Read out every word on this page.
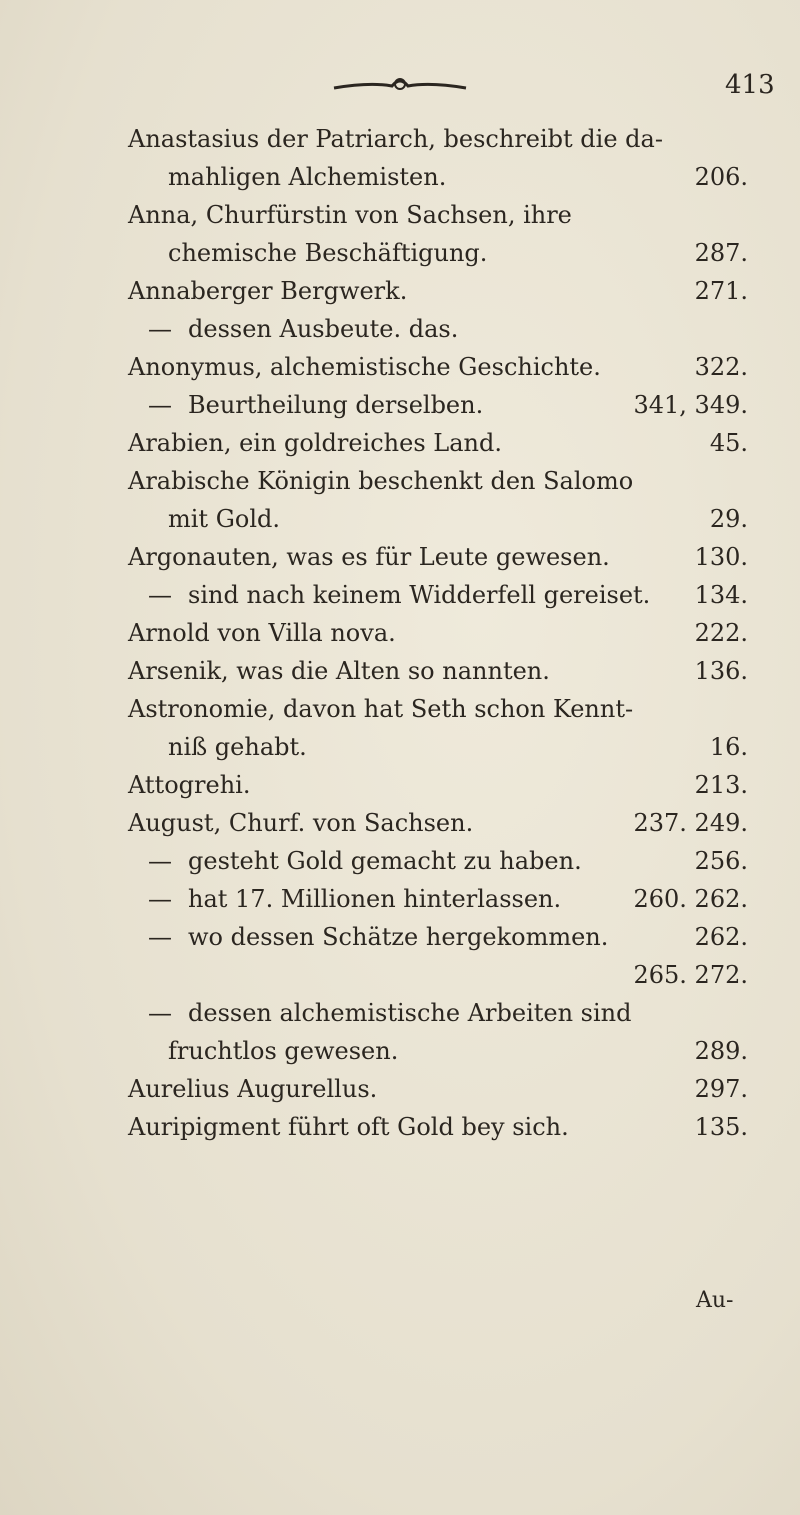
413
Anastasius der Patriarch, beschreibt die da-
mahligen Alchemisten.	206.
Anna, Churfürstin von Sachsen, ihre
chemische Beschäftigung.	287.
Annaberger Bergwerk.	271.
— dessen Ausbeute. das.
Anonymus, alchemistische Geschichte.	322.
— Beurtheilung derselben.	341, 349.
Arabien, ein goldreiches Land.	45.
Arabische Königin beschenkt den Salomo
mit Gold.	29.
Argonauten, was es für Leute gewesen.	130.
— sind nach keinem Widderfell gereiset. 134.
Arnold von Villa nova.	222.
Arsenik, was die Alten so nannten.	136.
Astronomie, davon hat Seth schon Kennt-
niß gehabt.	16.
Attogrehi.	213.
August, Churf. von Sachsen.	237. 249.
— gesteht Gold gemacht zu haben.	256.
— hat 17. Millionen hinterlassen.	260. 262.
— wo dessen Schätze hergekommen.	262.
265. 272.
— dessen alchemistische Arbeiten sind
fruchtlos gewesen.	289.
Aurelius Augurellus.	297.
Auripigment führt oft Gold bey sich.	135.
Au-
